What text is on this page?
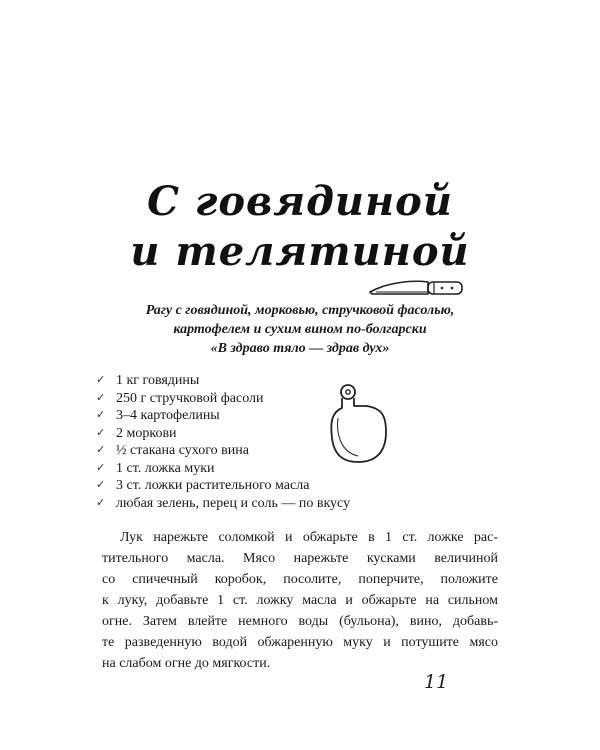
С говядиной
и телятиной
Рагу с говядиной, морковью, стручковой фасолью,
картофелем и сухим вином по-болгарски
«В здраво тяло — здрав дух»
✓ 1 кг говядины
✓ 250 г стручковой фасоли
✓ 3–4 картофелины
✓ 2 моркови
✓ ½ стакана сухого вина
✓ 1 ст. ложка муки
✓ 3 ст. ложки растительного масла
✓ любая зелень, перец и соль — по вкусу
Лук нарежьте соломкой и обжарьте в 1 ст. ложке рас-
тительного масла. Мясо нарежьте кусками величиной
со спичечный коробок, посолите, поперчите, положите
к луку, добавьте 1 ст. ложку масла и обжарьте на сильном
огне. Затем влейте немного воды (бульона), вино, добавь-
те разведенную водой обжаренную муку и потушите мясо
на слабом огне до мягкости.
11
